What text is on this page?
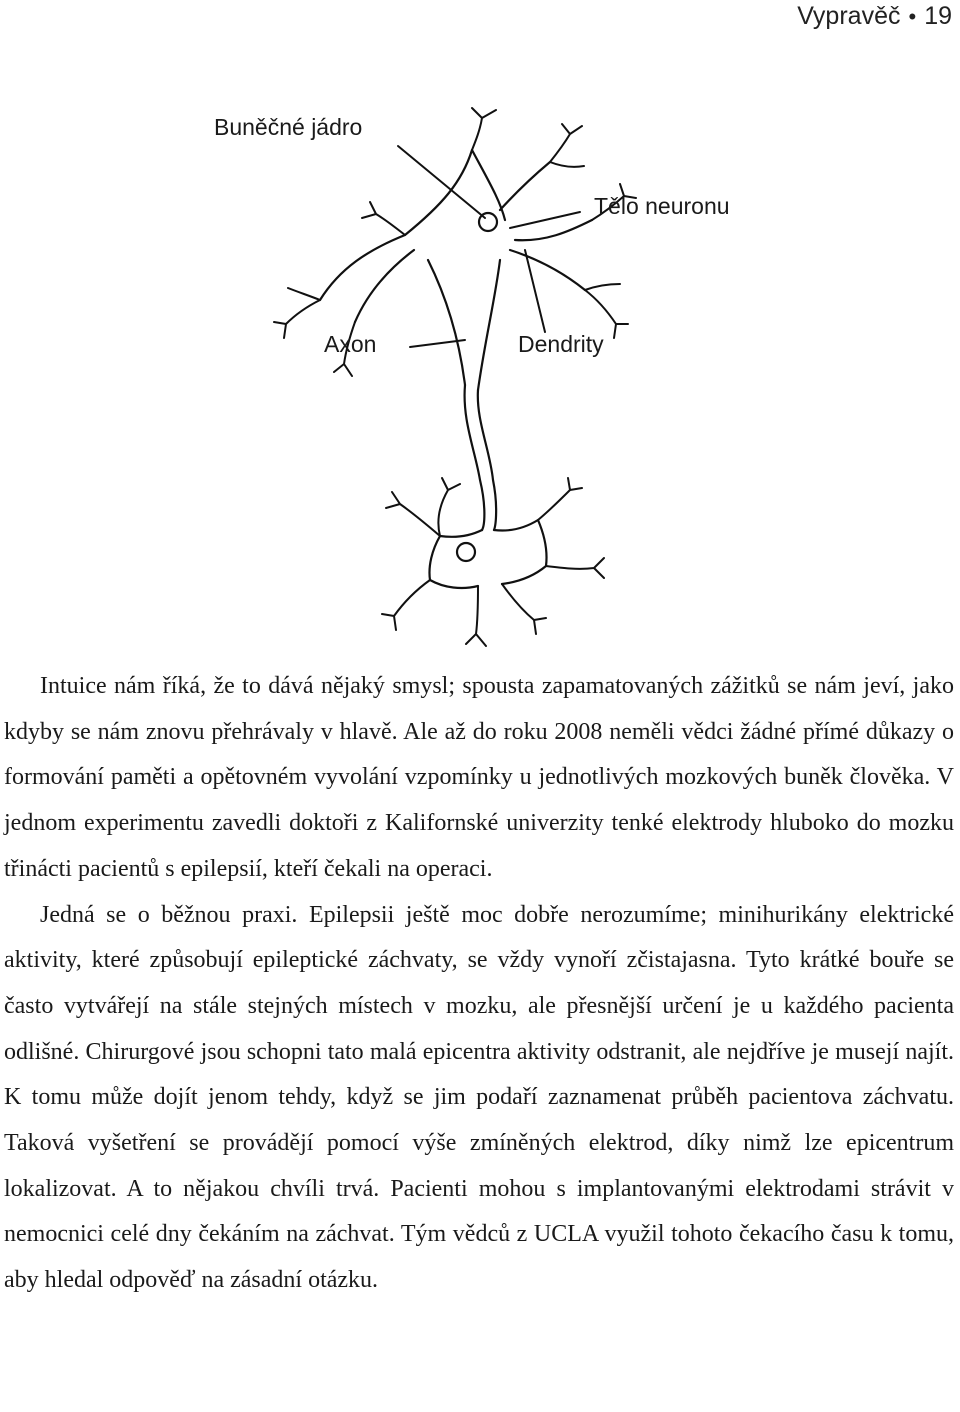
Vypravěč • 19
Buněčné jádro
Tělo neuronu
Axon	Dendrity

Intuice nám říká, že to dává nějaký smysl; spousta zapamatovaných zážitků se nám jeví, jako kdyby se nám znovu přehrávaly v hlavě. Ale až do roku 2008 neměli vědci žádné přímé důkazy o formování paměti a opětovném vyvolání vzpomínky u jednotlivých mozkových buněk člověka. V jednom experimentu zavedli doktoři z Kalifornské univerzity tenké elektrody hluboko do mozku třinácti pacientů s epilepsií, kteří čekali na operaci.

Jedná se o běžnou praxi. Epilepsii ještě moc dobře nerozumíme; minihurikány elektrické aktivity, které způsobují epileptické záchvaty, se vždy vynoří zčistajasna. Tyto krátké bouře se často vytvářejí na stále stejných místech v mozku, ale přesnější určení je u každého pacienta odlišné. Chirurgové jsou schopni tato malá epicentra aktivity odstranit, ale nejdříve je musejí najít. K tomu může dojít jenom tehdy, když se jim podaří zaznamenat průběh pacientova záchvatu. Taková vyšetření se provádějí pomocí výše zmíněných elektrod, díky nimž lze epicentrum lokalizovat. A to nějakou chvíli trvá. Pacienti mohou s implantovanými elektrodami strávit v nemocnici celé dny čekáním na záchvat. Tým vědců z UCLA využil tohoto čekacího času k tomu, aby hledal odpověď na zásadní otázku.
